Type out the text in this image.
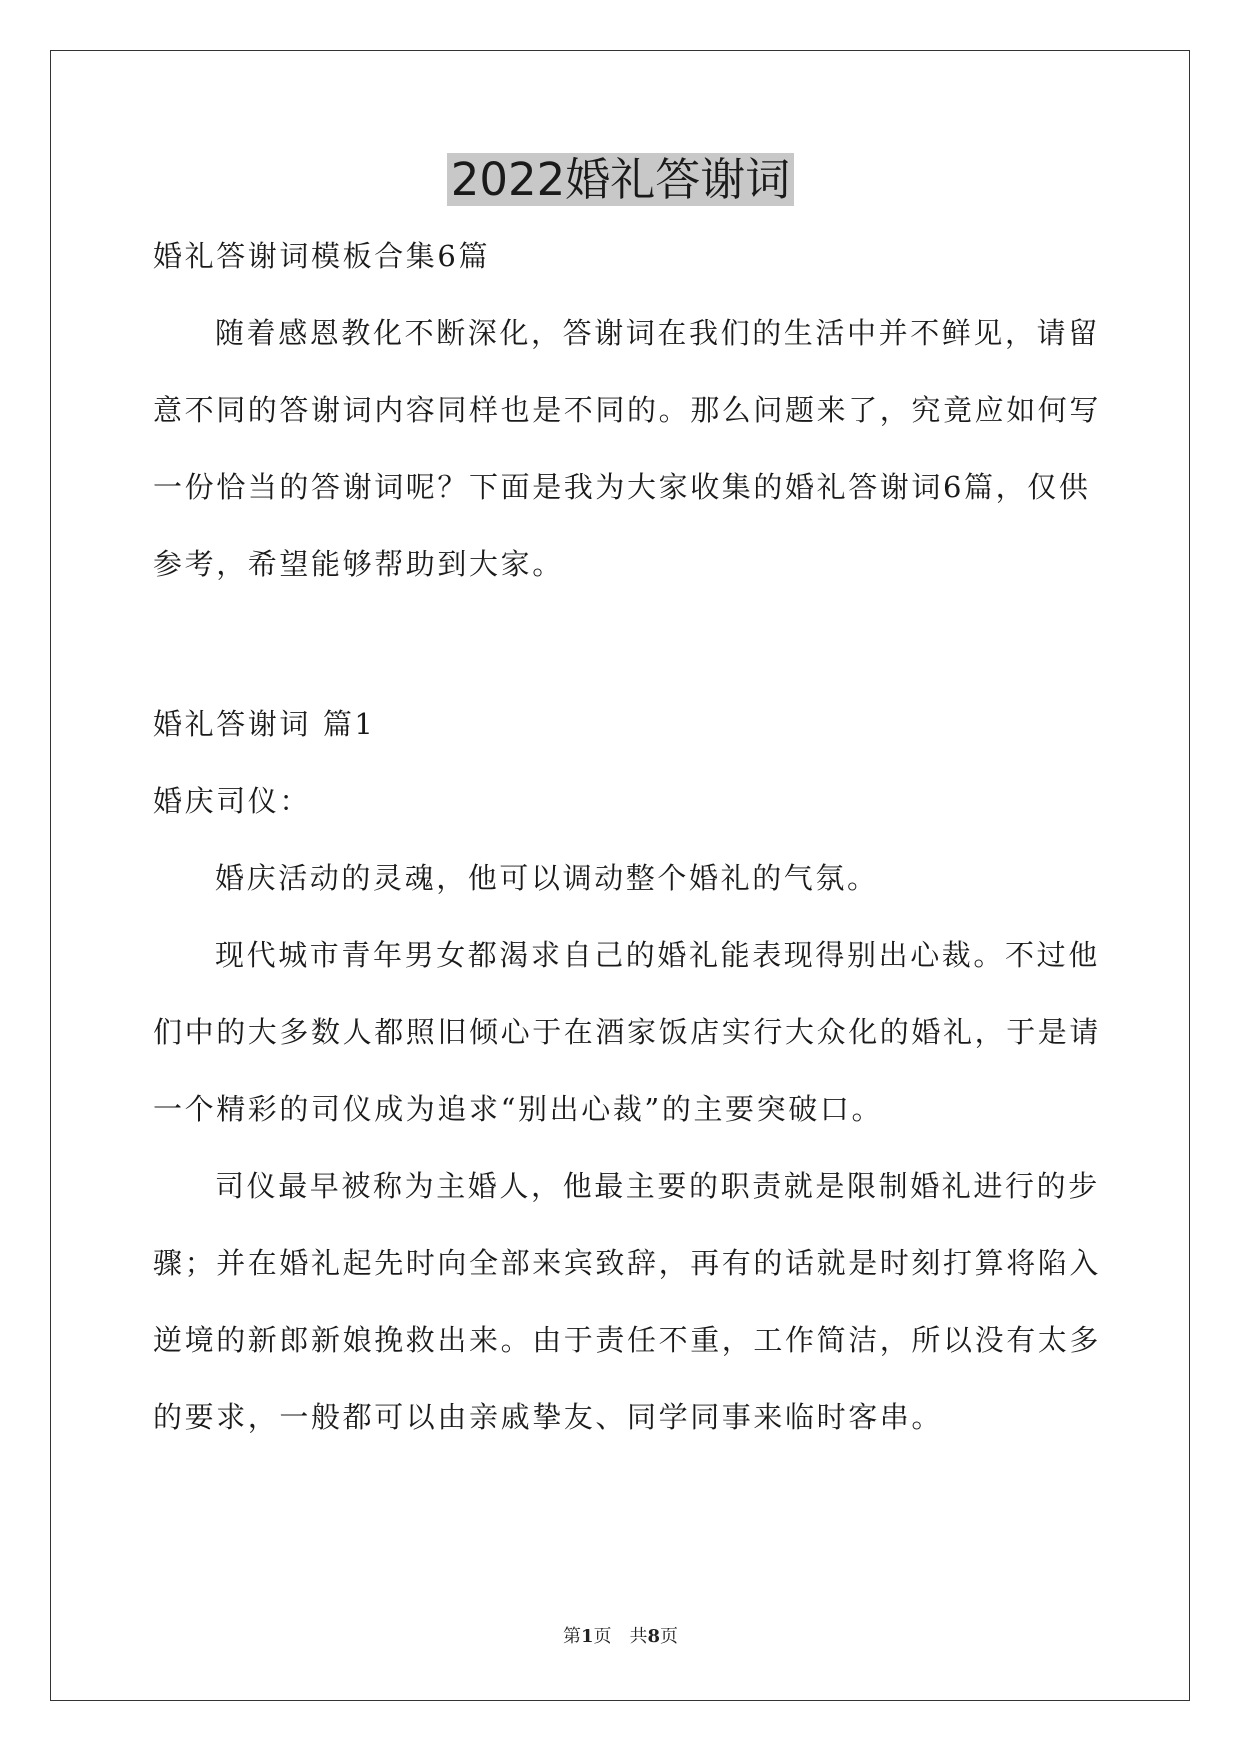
2022婚礼答谢词
婚礼答谢词模板合集6篇
随着感恩教化不断深化，答谢词在我们的生活中并不鲜见，请留
意不同的答谢词内容同样也是不同的。那么问题来了，究竟应如何写
一份恰当的答谢词呢？下面是我为大家收集的婚礼答谢词6篇，仅供
参考，希望能够帮助到大家。
婚礼答谢词 篇1
婚庆司仪：
婚庆活动的灵魂，他可以调动整个婚礼的气氛。
现代城市青年男女都渴求自己的婚礼能表现得别出心裁。不过他
们中的大多数人都照旧倾心于在酒家饭店实行大众化的婚礼，于是请
一个精彩的司仪成为追求“别出心裁”的主要突破口。
司仪最早被称为主婚人，他最主要的职责就是限制婚礼进行的步
骤；并在婚礼起先时向全部来宾致辞，再有的话就是时刻打算将陷入
逆境的新郎新娘挽救出来。由于责任不重，工作简洁，所以没有太多
的要求，一般都可以由亲戚挚友、同学同事来临时客串。
第1页　共8页
